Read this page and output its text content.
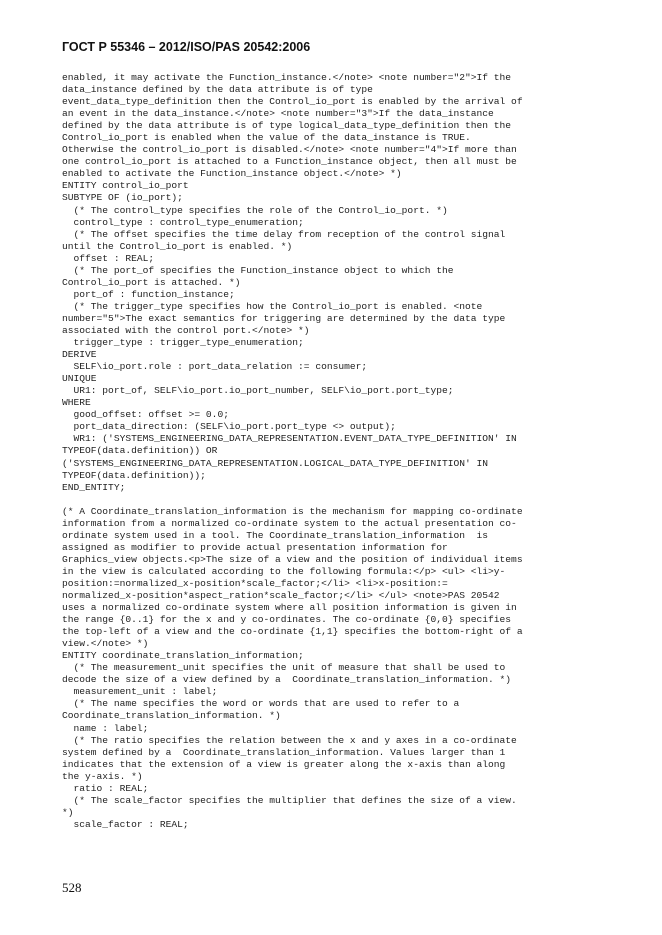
ГОСТ Р 55346 – 2012/ISO/PAS 20542:2006
enabled, it may activate the Function_instance.</note> <note number="2">If the
data_instance defined by the data attribute is of type
event_data_type_definition then the Control_io_port is enabled by the arrival of
an event in the data_instance.</note> <note number="3">If the data_instance
defined by the data attribute is of type logical_data_type_definition then the
Control_io_port is enabled when the value of the data_instance is TRUE.
Otherwise the control_io_port is disabled.</note> <note number="4">If more than
one control_io_port is attached to a Function_instance object, then all must be
enabled to activate the Function_instance object.</note> *)
ENTITY control_io_port
SUBTYPE OF (io_port);
(* The control_type specifies the role of the Control_io_port. *)
control_type : control_type_enumeration;
(* The offset specifies the time delay from reception of the control signal
until the Control_io_port is enabled. *)
offset : REAL;
(* The port_of specifies the Function_instance object to which the
Control_io_port is attached. *)
port_of : function_instance;
(* The trigger_type specifies how the Control_io_port is enabled. <note
number="5">The exact semantics for triggering are determined by the data type
associated with the control port.</note> *)
trigger_type : trigger_type_enumeration;
DERIVE
SELF\io_port.role : port_data_relation := consumer;
UNIQUE
UR1: port_of, SELF\io_port.io_port_number, SELF\io_port.port_type;
WHERE
good_offset: offset >= 0.0;
port_data_direction: (SELF\io_port.port_type <> output);
WR1: ('SYSTEMS_ENGINEERING_DATA_REPRESENTATION.EVENT_DATA_TYPE_DEFINITION' IN
TYPEOF(data.definition)) OR
('SYSTEMS_ENGINEERING_DATA_REPRESENTATION.LOGICAL_DATA_TYPE_DEFINITION' IN
TYPEOF(data.definition));
END_ENTITY;
(* A Coordinate_translation_information is the mechanism for mapping co-ordinate
information from a normalized co-ordinate system to the actual presentation co-
ordinate system used in a tool. The Coordinate_translation_information  is
assigned as modifier to provide actual presentation information for
Graphics_view objects.<p>The size of a view and the position of individual items
in the view is calculated according to the following formula:</p> <ul> <li>y-
position:=normalized_x-position*scale_factor;</li> <li>x-position:=
normalized_x-position*aspect_ration*scale_factor;</li> </ul> <note>PAS 20542
uses a normalized co-ordinate system where all position information is given in
the range {0..1} for the x and y co-ordinates. The co-ordinate {0,0} specifies
the top-left of a view and the co-ordinate {1,1} specifies the bottom-right of a
view.</note> *)
ENTITY coordinate_translation_information;
(* The measurement_unit specifies the unit of measure that shall be used to
decode the size of a view defined by a  Coordinate_translation_information. *)
measurement_unit : label;
(* The name specifies the word or words that are used to refer to a
Coordinate_translation_information. *)
name : label;
(* The ratio specifies the relation between the x and y axes in a co-ordinate
system defined by a  Coordinate_translation_information. Values larger than 1
indicates that the extension of a view is greater along the x-axis than along
the y-axis. *)
ratio : REAL;
(* The scale_factor specifies the multiplier that defines the size of a view.
*)
scale_factor : REAL;
528
